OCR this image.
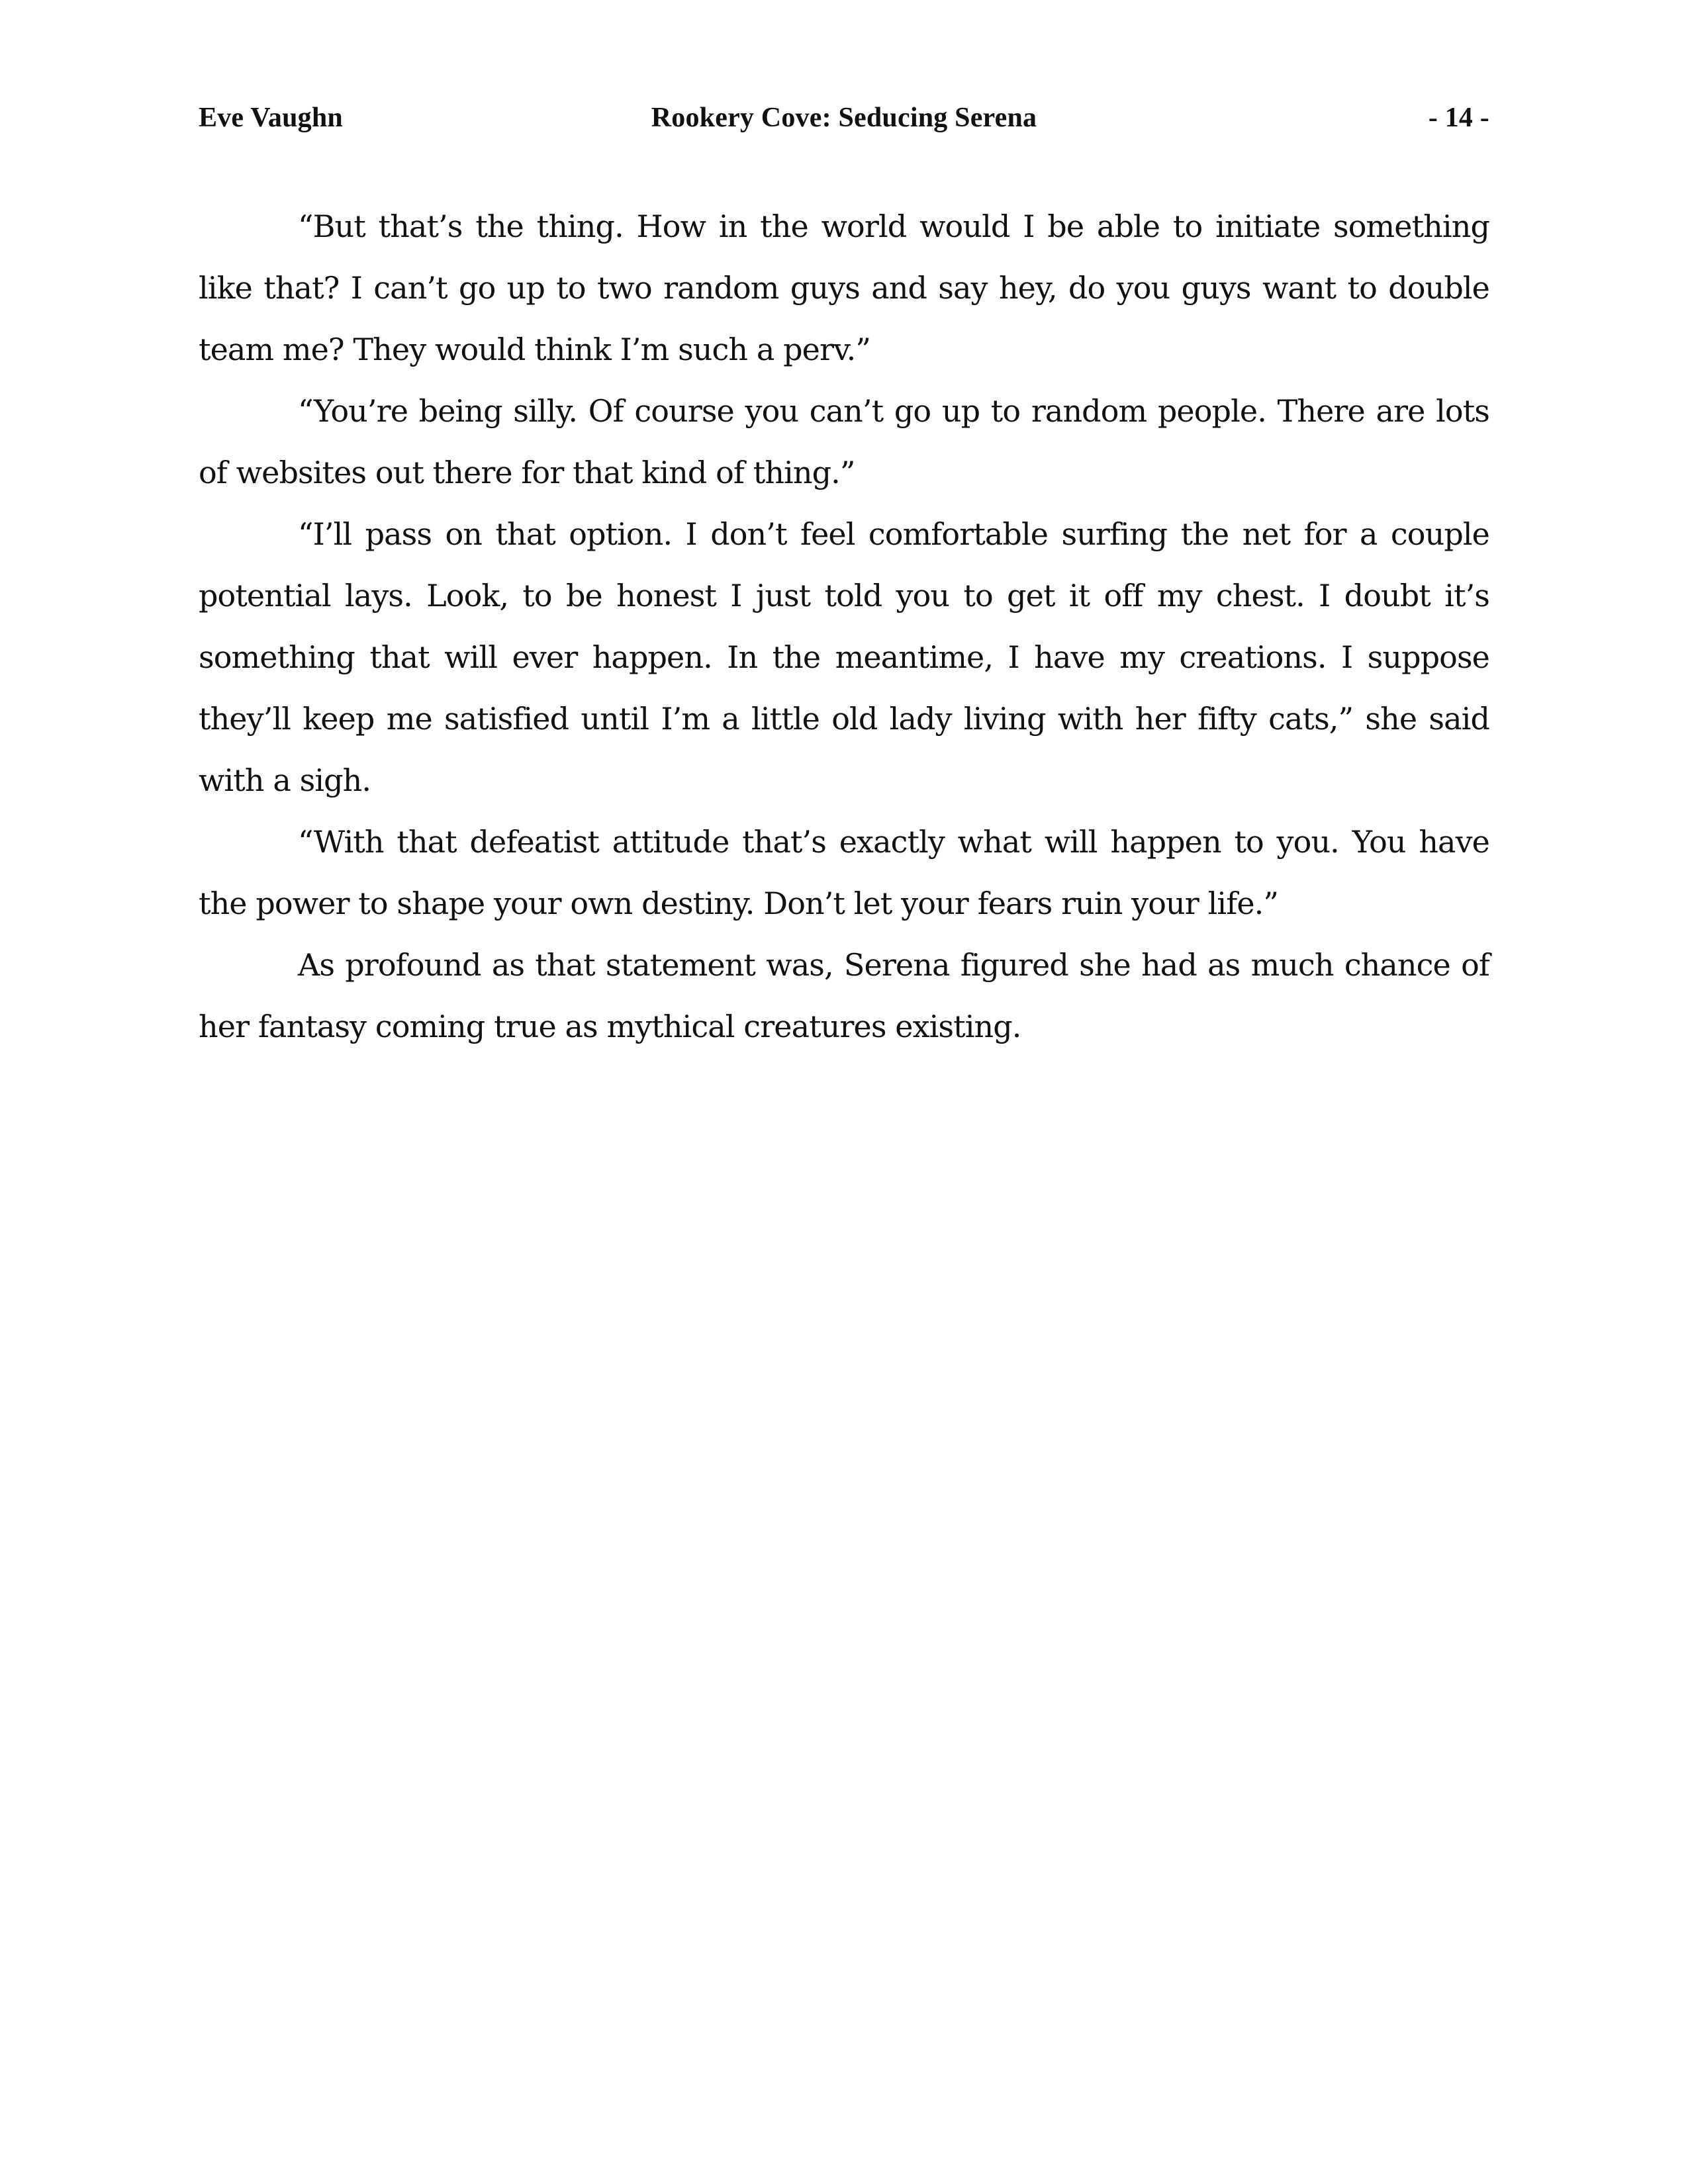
Eve Vaughn	Rookery Cove: Seducing Serena	- 14 -

“But that’s the thing. How in the world would I be able to initiate something like that? I can’t go up to two random guys and say hey, do you guys want to double team me? They would think I’m such a perv.”

“You’re being silly. Of course you can’t go up to random people. There are lots of websites out there for that kind of thing.”

“I’ll pass on that option. I don’t feel comfortable surfing the net for a couple potential lays. Look, to be honest I just told you to get it off my chest. I doubt it’s something that will ever happen. In the meantime, I have my creations. I suppose they’ll keep me satisfied until I’m a little old lady living with her fifty cats,” she said with a sigh.

“With that defeatist attitude that’s exactly what will happen to you. You have the power to shape your own destiny. Don’t let your fears ruin your life.”

As profound as that statement was, Serena figured she had as much chance of her fantasy coming true as mythical creatures existing.
